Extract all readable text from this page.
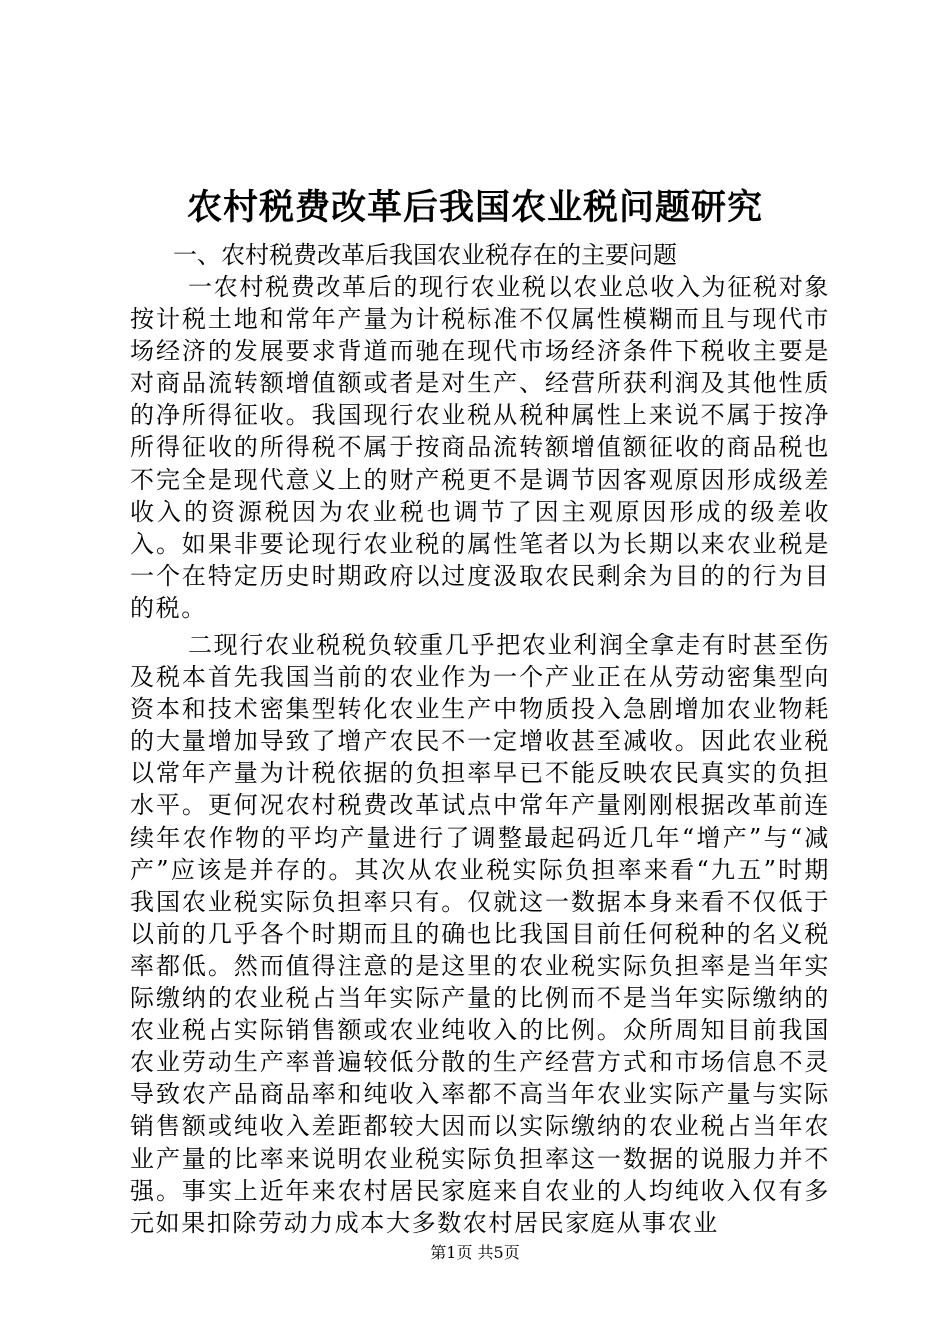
农村税费改革后我国农业税问题研究

一、农村税费改革后我国农业税存在的主要问题

一农村税费改革后的现行农业税以农业总收入为征税对象按计税土地和常年产量为计税标准不仅属性模糊而且与现代市场经济的发展要求背道而驰在现代市场经济条件下税收主要是对商品流转额增值额或者是对生产、经营所获利润及其他性质的净所得征收。我国现行农业税从税种属性上来说不属于按净所得征收的所得税不属于按商品流转额增值额征收的商品税也不完全是现代意义上的财产税更不是调节因客观原因形成级差收入的资源税因为农业税也调节了因主观原因形成的级差收入。如果非要论现行农业税的属性笔者以为长期以来农业税是一个在特定历史时期政府以过度汲取农民剩余为目的的行为目的税。

二现行农业税税负较重几乎把农业利润全拿走有时甚至伤及税本首先我国当前的农业作为一个产业正在从劳动密集型向资本和技术密集型转化农业生产中物质投入急剧增加农业物耗的大量增加导致了增产农民不一定增收甚至减收。因此农业税以常年产量为计税依据的负担率早已不能反映农民真实的负担水平。更何况农村税费改革试点中常年产量刚刚根据改革前连续年农作物的平均产量进行了调整最起码近几年“增产”与“减产”应该是并存的。其次从农业税实际负担率来看“九五”时期我国农业税实际负担率只有。仅就这一数据本身来看不仅低于以前的几乎各个时期而且的确也比我国目前任何税种的名义税率都低。然而值得注意的是这里的农业税实际负担率是当年实际缴纳的农业税占当年实际产量的比例而不是当年实际缴纳的农业税占实际销售额或农业纯收入的比例。众所周知目前我国农业劳动生产率普遍较低分散的生产经营方式和市场信息不灵导致农产品商品率和纯收入率都不高当年农业实际产量与实际销售额或纯收入差距都较大因而以实际缴纳的农业税占当年农业产量的比率来说明农业税实际负担率这一数据的说服力并不强。事实上近年来农村居民家庭来自农业的人均纯收入仅有多元如果扣除劳动力成本大多数农村居民家庭从事农业

第1页 共5页
